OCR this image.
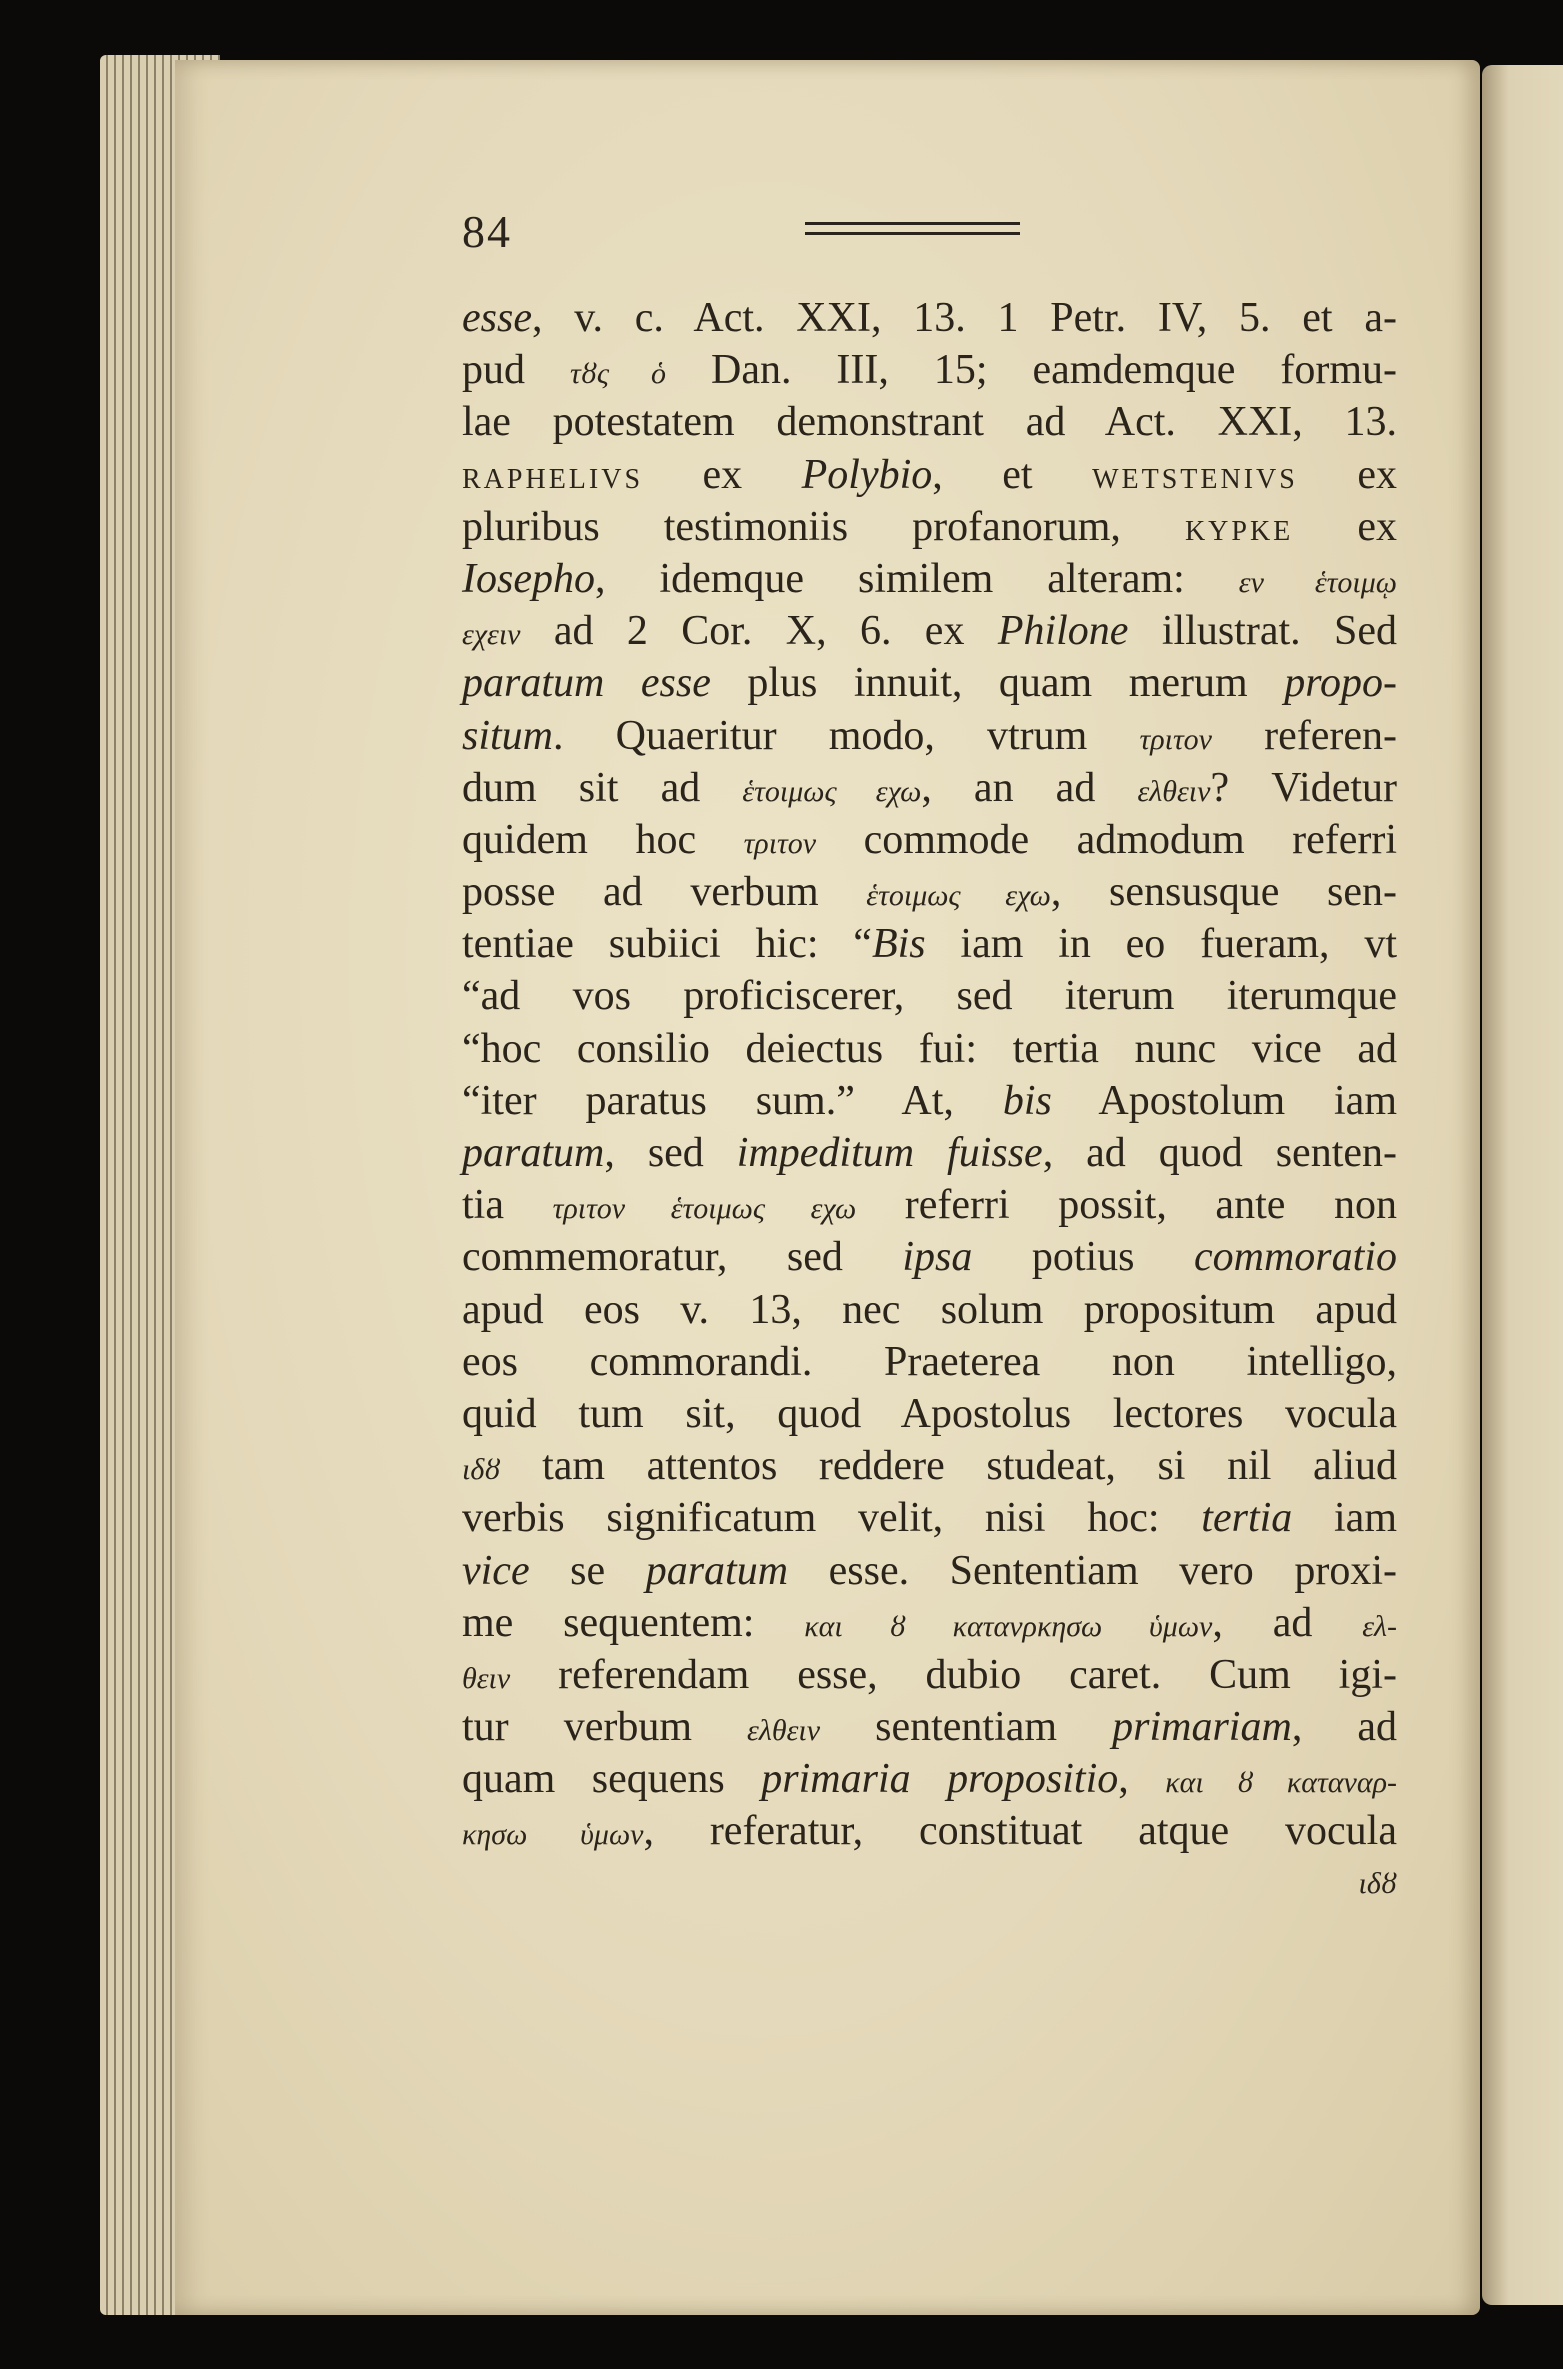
84
esse, v. c. Act. XXI, 13. 1 Petr. IV, 5. et a-
pud τȣς ὁ Dan. III, 15; eamdemque formu-
lae potestatem demonstrant ad Act. XXI, 13.
RAPHELIVS ex Polybio, et WETSTENIVS ex
pluribus testimoniis profanorum, KYPKE ex
Iosepho, idemque similem alteram: εν ἑτοιμῳ
εχειν ad 2 Cor. X, 6. ex Philone illustrat. Sed
paratum esse plus innuit, quam merum propo-
situm. Quaeritur modo, vtrum τριτον referen-
dum sit ad ἑτοιμως εχω, an ad ελθειν? Videtur
quidem hoc τριτον commode admodum referri
posse ad verbum ἑτοιμως εχω, sensusque sen-
tentiae subiici hic: “Bis iam in eo fueram, vt
“ad vos proficiscerer, sed iterum iterumque
“hoc consilio deiectus fui: tertia nunc vice ad
“iter paratus sum.” At, bis Apostolum iam
paratum, sed impeditum fuisse, ad quod senten-
tia τριτον ἑτοιμως εχω referri possit, ante non
commemoratur, sed ipsa potius commoratio
apud eos v. 13, nec solum propositum apud
eos commorandi. Praeterea non intelligo,
quid tum sit, quod Apostolus lectores vocula
ιδȣ tam attentos reddere studeat, si nil aliud
verbis significatum velit, nisi hoc: tertia iam
vice se paratum esse. Sententiam vero proxi-
me sequentem: και ȣ κατανρκησω ὑμων, ad ελ-
θειν referendam esse, dubio caret. Cum igi-
tur verbum ελθειν sententiam primariam, ad
quam sequens primaria propositio, και ȣ καταναρ-
κησω ὑμων, referatur, constituat atque vocula
ιδȣ
